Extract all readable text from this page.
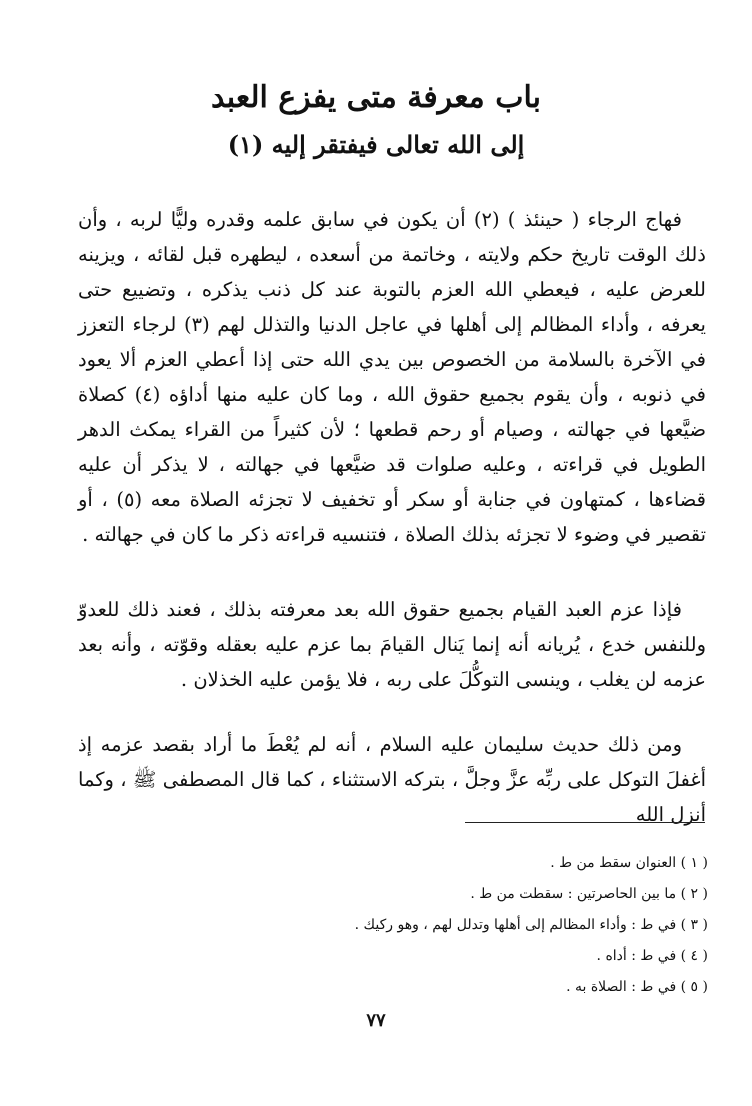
باب معرفة متى يفزع العبد
إلى الله تعالى فيفتقر إليه (١)

فهاج الرجاء ( حينئذ ) (٢) أن يكون في سابق علمه وقدره وليًّا لربه ، وأن ذلك الوقت تاريخ حكم ولايته ، وخاتمة من أسعده ، ليطهره قبل لقائه ، ويزينه للعرض عليه ، فيعطي الله العزم بالتوبة عند كل ذنب يذكره ، وتضييع حتى يعرفه ، وأداء المظالم إلى أهلها في عاجل الدنيا والتذلل لهم (٣) لرجاء التعزز في الآخرة بالسلامة من الخصوص بين يدي الله حتى إذا أعطي العزم ألا يعود في ذنوبه ، وأن يقوم بجميع حقوق الله ، وما كان عليه منها أداؤه (٤) كصلاة ضيَّعها في جهالته ، وصيام أو رحم قطعها ؛ لأن كثيراً من القراء يمكث الدهر الطويل في قراءته ، وعليه صلوات قد ضيَّعها في جهالته ، لا يذكر أن عليه قضاءها ، كمتهاون في جنابة أو سكر أو تخفيف لا تجزئه الصلاة معه (٥) ، أو تقصير في وضوء لا تجزئه بذلك الصلاة ، فتنسيه قراءته ذكر ما كان في جهالته .

فإذا عزم العبد القيام بجميع حقوق الله بعد معرفته بذلك ، فعند ذلك للعدوّ وللنفس خدع ، يُريانه أنه إنما يَنال القيامَ بما عزم عليه بعقله وقوّته ، وأنه بعد عزمه لن يغلب ، وينسى التوكُّلَ على ربه ، فلا يؤمن عليه الخذلان .

ومن ذلك حديث سليمان عليه السلام ، أنه لم يُعْطَ ما أراد بقصد عزمه إذ أغفلَ التوكل على ربِّه عزَّ وجلَّ ، بتركه الاستثناء ، كما قال المصطفى ﷺ ، وكما أنزل الله

( ١ ) العنوان سقط من ط .
( ٢ ) ما بين الحاصرتين : سقطت من ط .
( ٣ ) في ط : وأداء المظالم إلى أهلها وتدلل لهم ، وهو ركيك .
( ٤ ) في ط : أداه .
( ٥ ) في ط : الصلاة به .
٧٧
